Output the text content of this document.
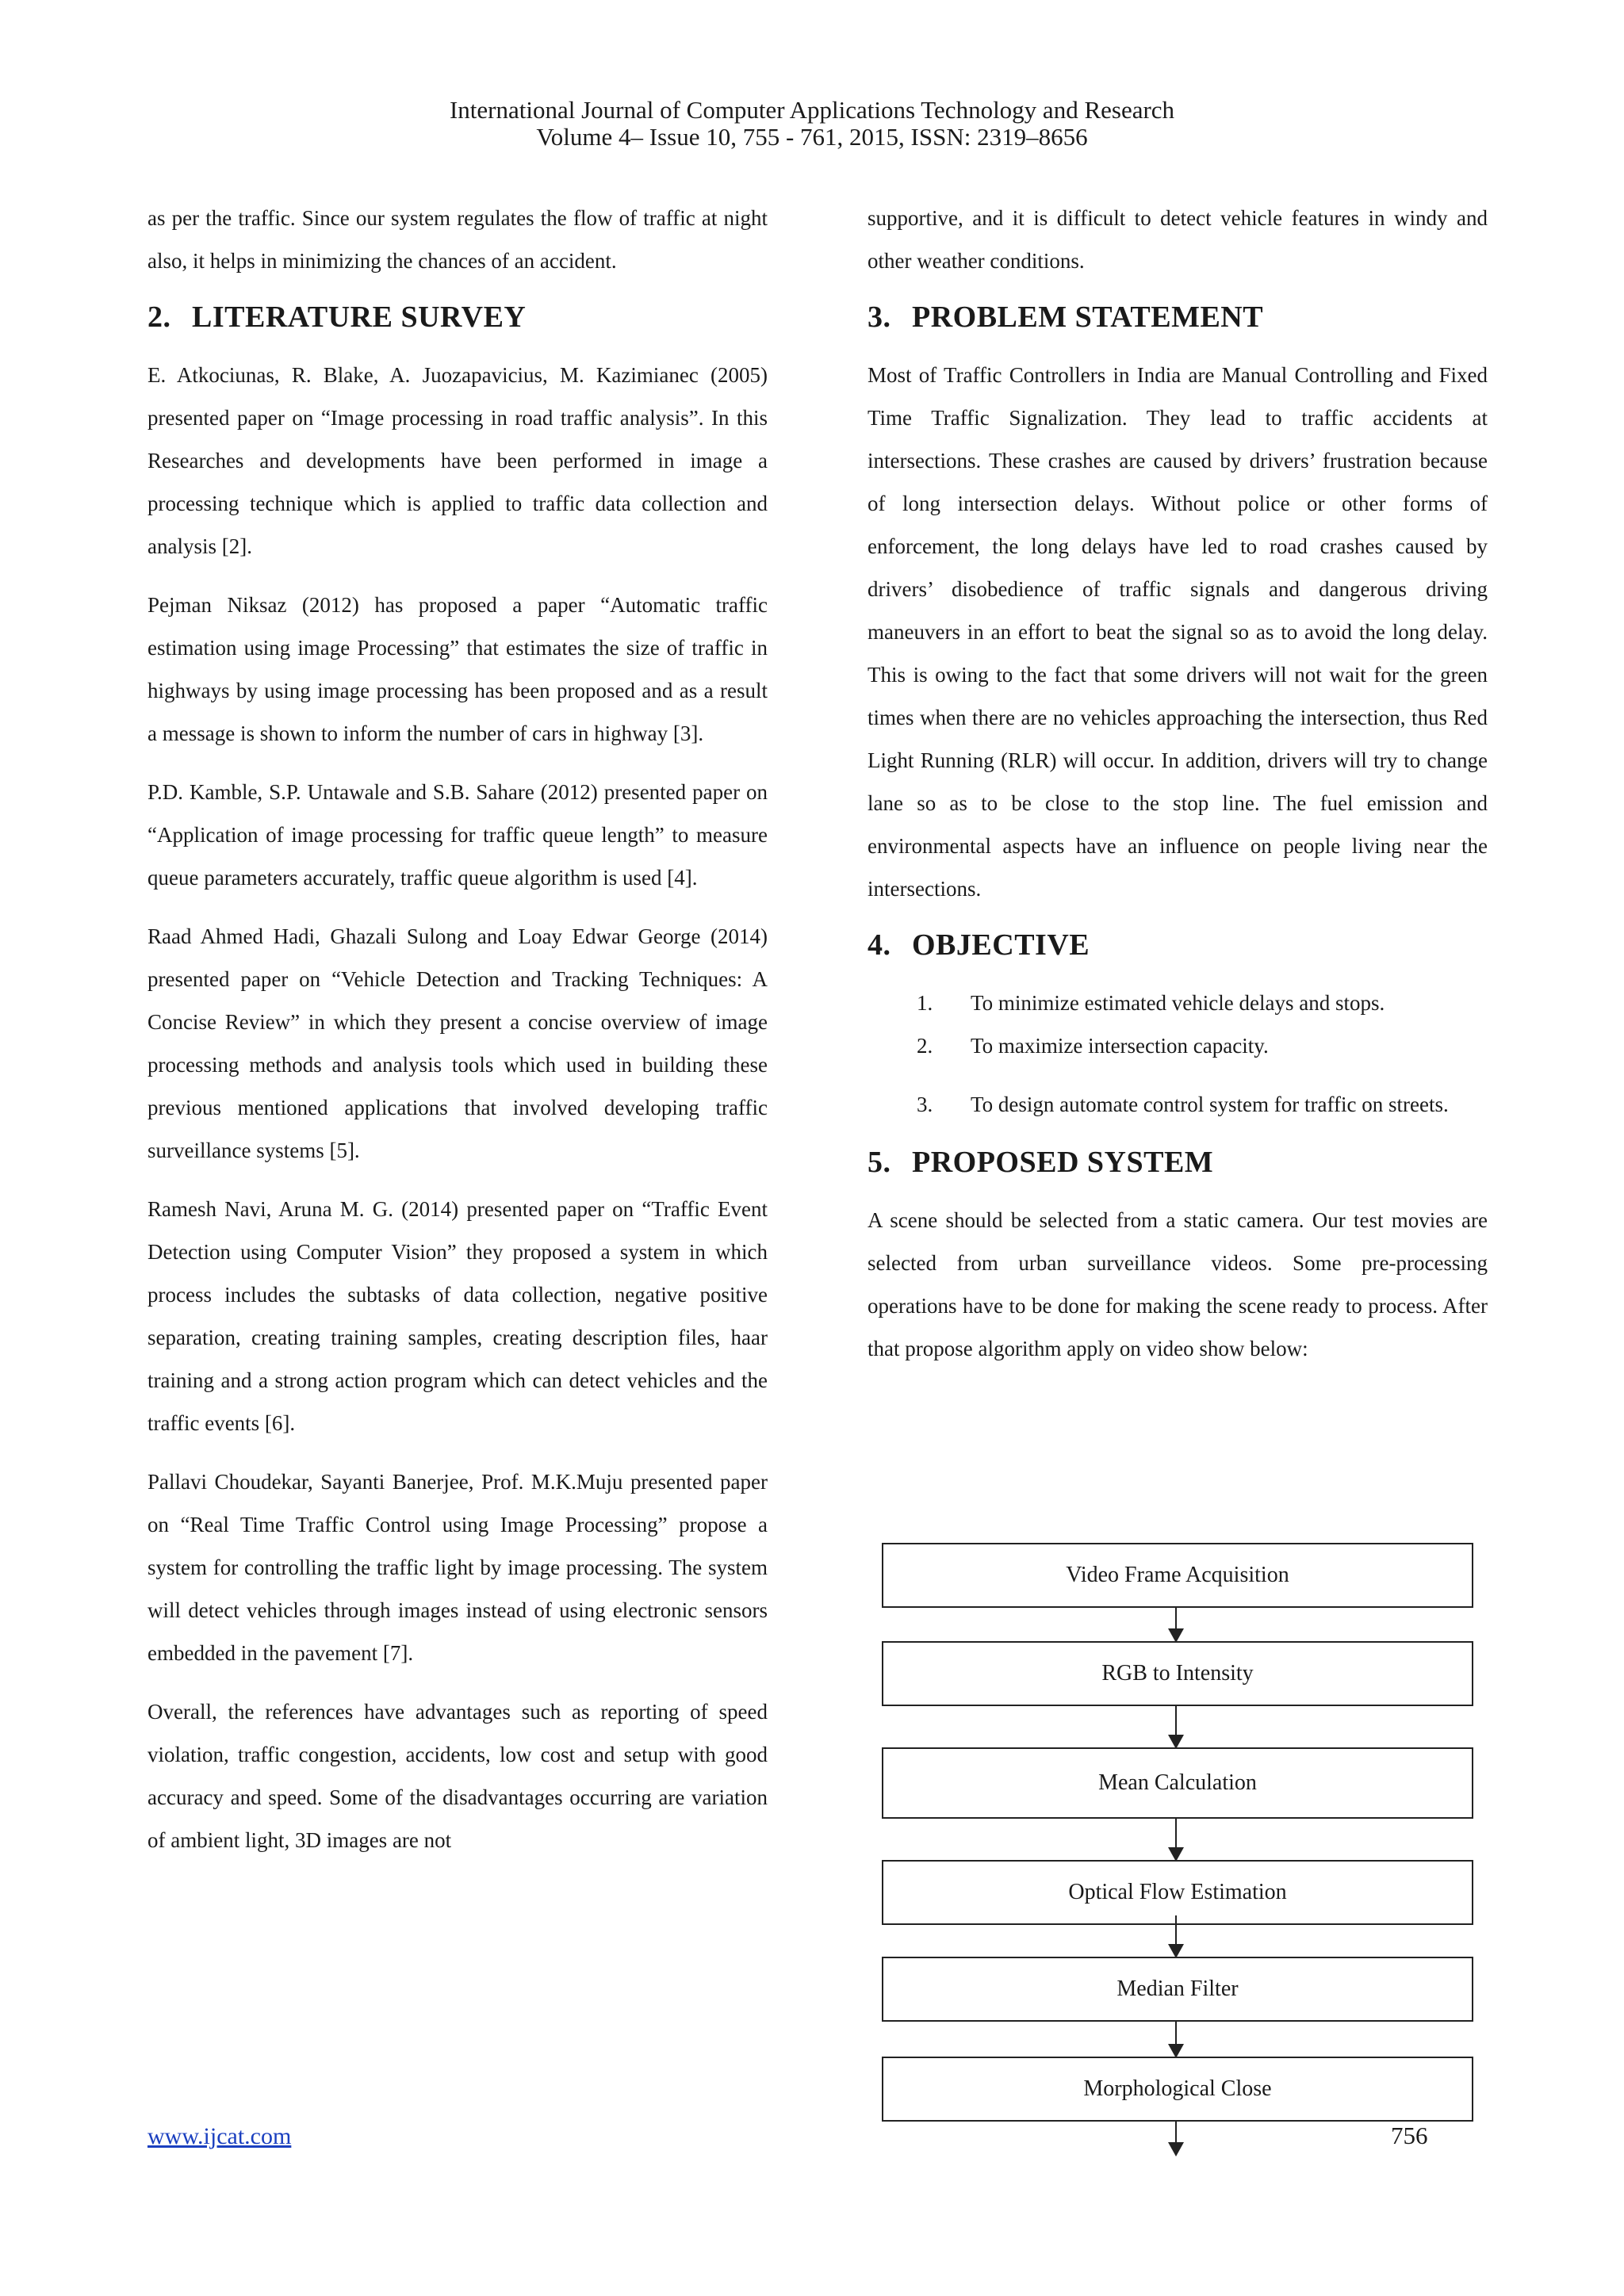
International Journal of Computer Applications Technology and Research
Volume 4– Issue 10, 755 - 761, 2015, ISSN: 2319–8656

as per the traffic. Since our system regulates the flow of traffic at night also, it helps in minimizing the chances of an accident.

2. LITERATURE SURVEY

E. Atkociunas, R. Blake, A. Juozapavicius, M. Kazimianec (2005) presented paper on “Image processing in road traffic analysis”. In this Researches and developments have been performed in image a processing technique which is applied to traffic data collection and analysis [2].

Pejman Niksaz (2012) has proposed a paper “Automatic traffic estimation using image Processing” that estimates the size of traffic in highways by using image processing has been proposed and as a result a message is shown to inform the number of cars in highway [3].

P.D. Kamble, S.P. Untawale and S.B. Sahare (2012) presented paper on “Application of image processing for traffic queue length” to measure queue parameters accurately, traffic queue algorithm is used [4].

Raad Ahmed Hadi, Ghazali Sulong and Loay Edwar George (2014) presented paper on “Vehicle Detection and Tracking Techniques: A Concise Review” in which they present a concise overview of image processing methods and analysis tools which used in building these previous mentioned applications that involved developing traffic surveillance systems [5].

Ramesh Navi, Aruna M. G. (2014) presented paper on “Traffic Event Detection using Computer Vision” they proposed a system in which process includes the subtasks of data collection, negative positive separation, creating training samples, creating description files, haar training and a strong action program which can detect vehicles and the traffic events [6].

Pallavi Choudekar, Sayanti Banerjee, Prof. M.K.Muju presented paper on “Real Time Traffic Control using Image Processing” propose a system for controlling the traffic light by image processing. The system will detect vehicles through images instead of using electronic sensors embedded in the pavement [7].

Overall, the references have advantages such as reporting of speed violation, traffic congestion, accidents, low cost and setup with good accuracy and speed. Some of the disadvantages occurring are variation of ambient light, 3D images are not

supportive, and it is difficult to detect vehicle features in windy and other weather conditions.

3. PROBLEM STATEMENT

Most of Traffic Controllers in India are Manual Controlling and Fixed Time Traffic Signalization. They lead to traffic accidents at intersections. These crashes are caused by drivers’ frustration because of long intersection delays. Without police or other forms of enforcement, the long delays have led to road crashes caused by drivers’ disobedience of traffic signals and dangerous driving maneuvers in an effort to beat the signal so as to avoid the long delay. This is owing to the fact that some drivers will not wait for the green times when there are no vehicles approaching the intersection, thus Red Light Running (RLR) will occur. In addition, drivers will try to change lane so as to be close to the stop line. The fuel emission and environmental aspects have an influence on people living near the intersections.

4. OBJECTIVE
1.	To minimize estimated vehicle delays and stops.
2.	To maximize intersection capacity.
3.	To design automate control system for traffic on streets.
5. PROPOSED SYSTEM

A scene should be selected from a static camera. Our test movies are selected from urban surveillance videos. Some pre-processing operations have to be done for making the scene ready to process. After that propose algorithm apply on video show below:

Video Frame Acquisition
RGB to Intensity
Mean Calculation
Optical Flow Estimation
Median Filter
Morphological Close
www.ijcat.com	756
